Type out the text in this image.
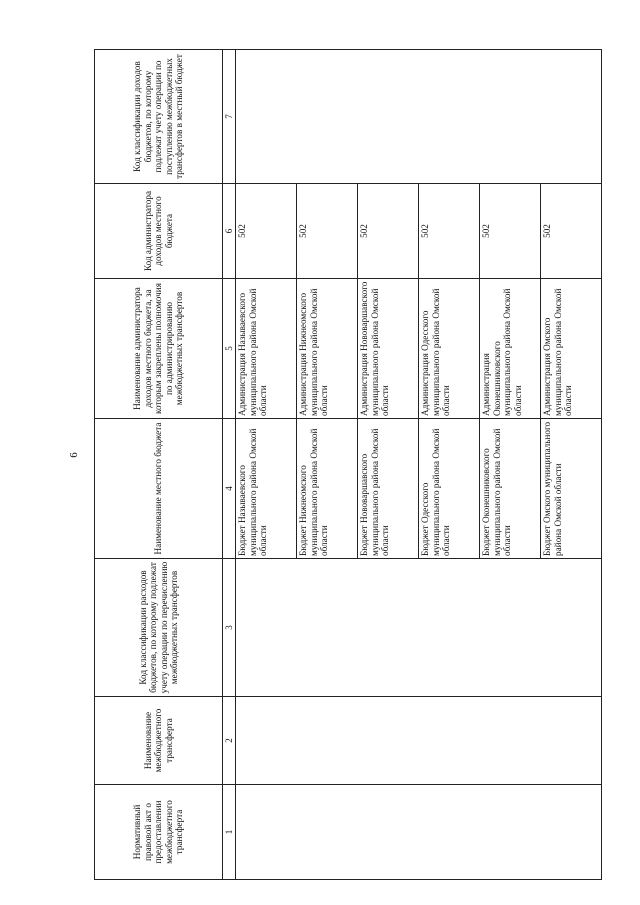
6
Нормативный правовой акт о предоставлении межбюджетного трансферта	Наименование межбюджетного трансферта	Код классификации расходов бюджетов, по которому подлежат учету операции по перечислению межбюджетных трансфертов	Наименование местного бюджета	Наименование администратора доходов местного бюджета, за которым закреплены полномочия по администрированию межбюджетных трансфертов	Код администратора доходов местного бюджета	Код классификации доходов бюджетов, по которому подлежат учету операции по поступлению межбюджетных трансфертов в местный бюджет
1	2	3	4	5	6	7
			Бюджет Называевского муниципального района Омской области	Администрация Называевского муниципального района Омской области	502	
			Бюджет Нижнеомского муниципального района Омской области	Администрация Нижнеомского муниципального района Омской области	502	
			Бюджет Нововаршавского муниципального района Омской области	Администрация Нововаршавского муниципального района Омской области	502	
			Бюджет Одесского муниципального района Омской области	Администрация Одесского муниципального района Омской области	502	
			Бюджет Оконешниковского муниципального района Омской области	Администрация Оконешниковского муниципального района Омской области	502	
			Бюджет Омского муниципального района Омской области	Администрация Омского муниципального района Омской области	502	
